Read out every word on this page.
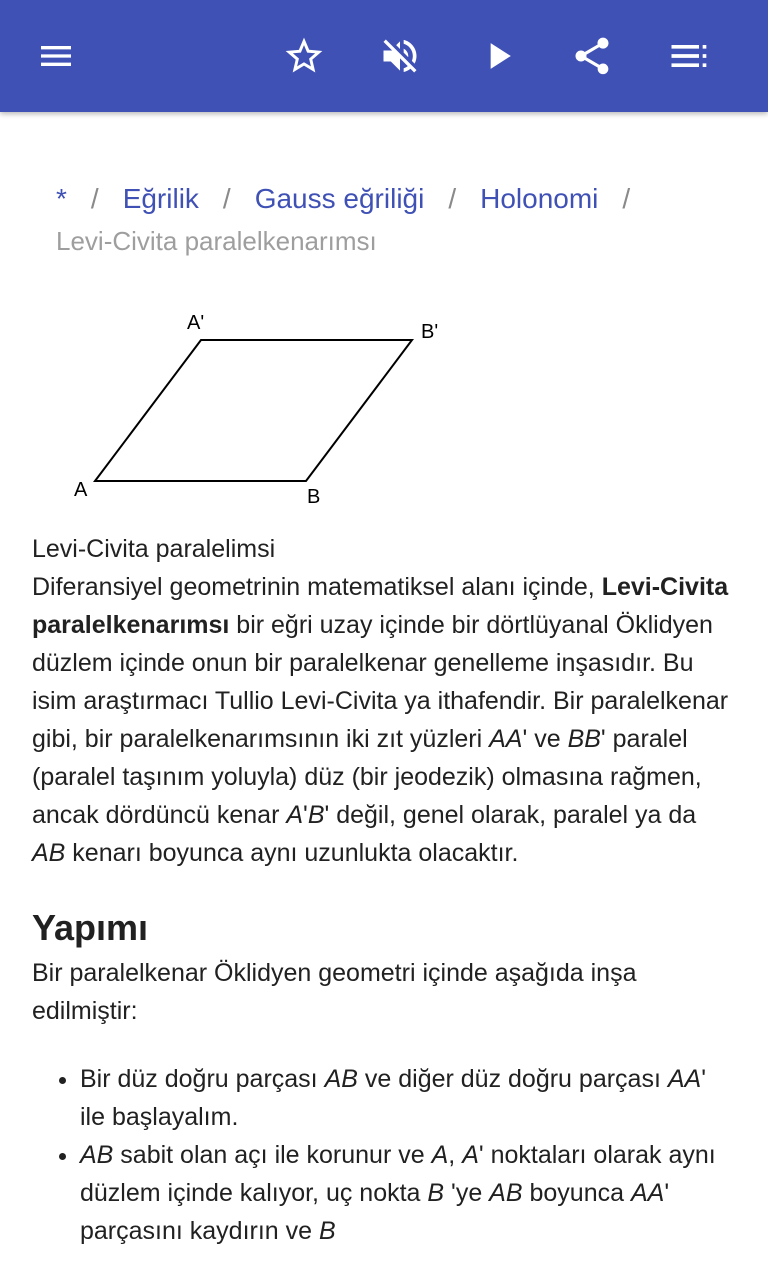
* / Eğrilik / Gauss eğriliği / Holonomi /
Levi-Civita paralelkenarımsı
A	B
A'	B'
Levi-Civita paralelimsi

Diferansiyel geometrinin matematiksel alanı içinde, Levi-Civita paralelkenarımsı bir eğri uzay içinde bir dörtlüyanal Öklidyen düzlem içinde onun bir paralelkenar genelleme inşasıdır. Bu isim araştırmacı Tullio Levi-Civita ya ithafendir. Bir paralelkenar gibi, bir paralelkenarımsının iki zıt yüzleri AA' ve BB' paralel (paralel taşınım yoluyla) düz (bir jeodezik) olmasına rağmen, ancak dördüncü kenar A'B' değil, genel olarak, paralel ya da AB kenarı boyunca aynı uzunlukta olacaktır.

Yapımı

Bir paralelkenar Öklidyen geometri içinde aşağıda inşa edilmiştir:

• Bir düz doğru parçası AB ve diğer düz doğru parçası AA' ile başlayalım.
• AB sabit olan açı ile korunur ve A, A' noktaları olarak aynı düzlem içinde kalıyor, uç nokta B 'ye AB boyunca AA' parçasını kaydırın ve B
